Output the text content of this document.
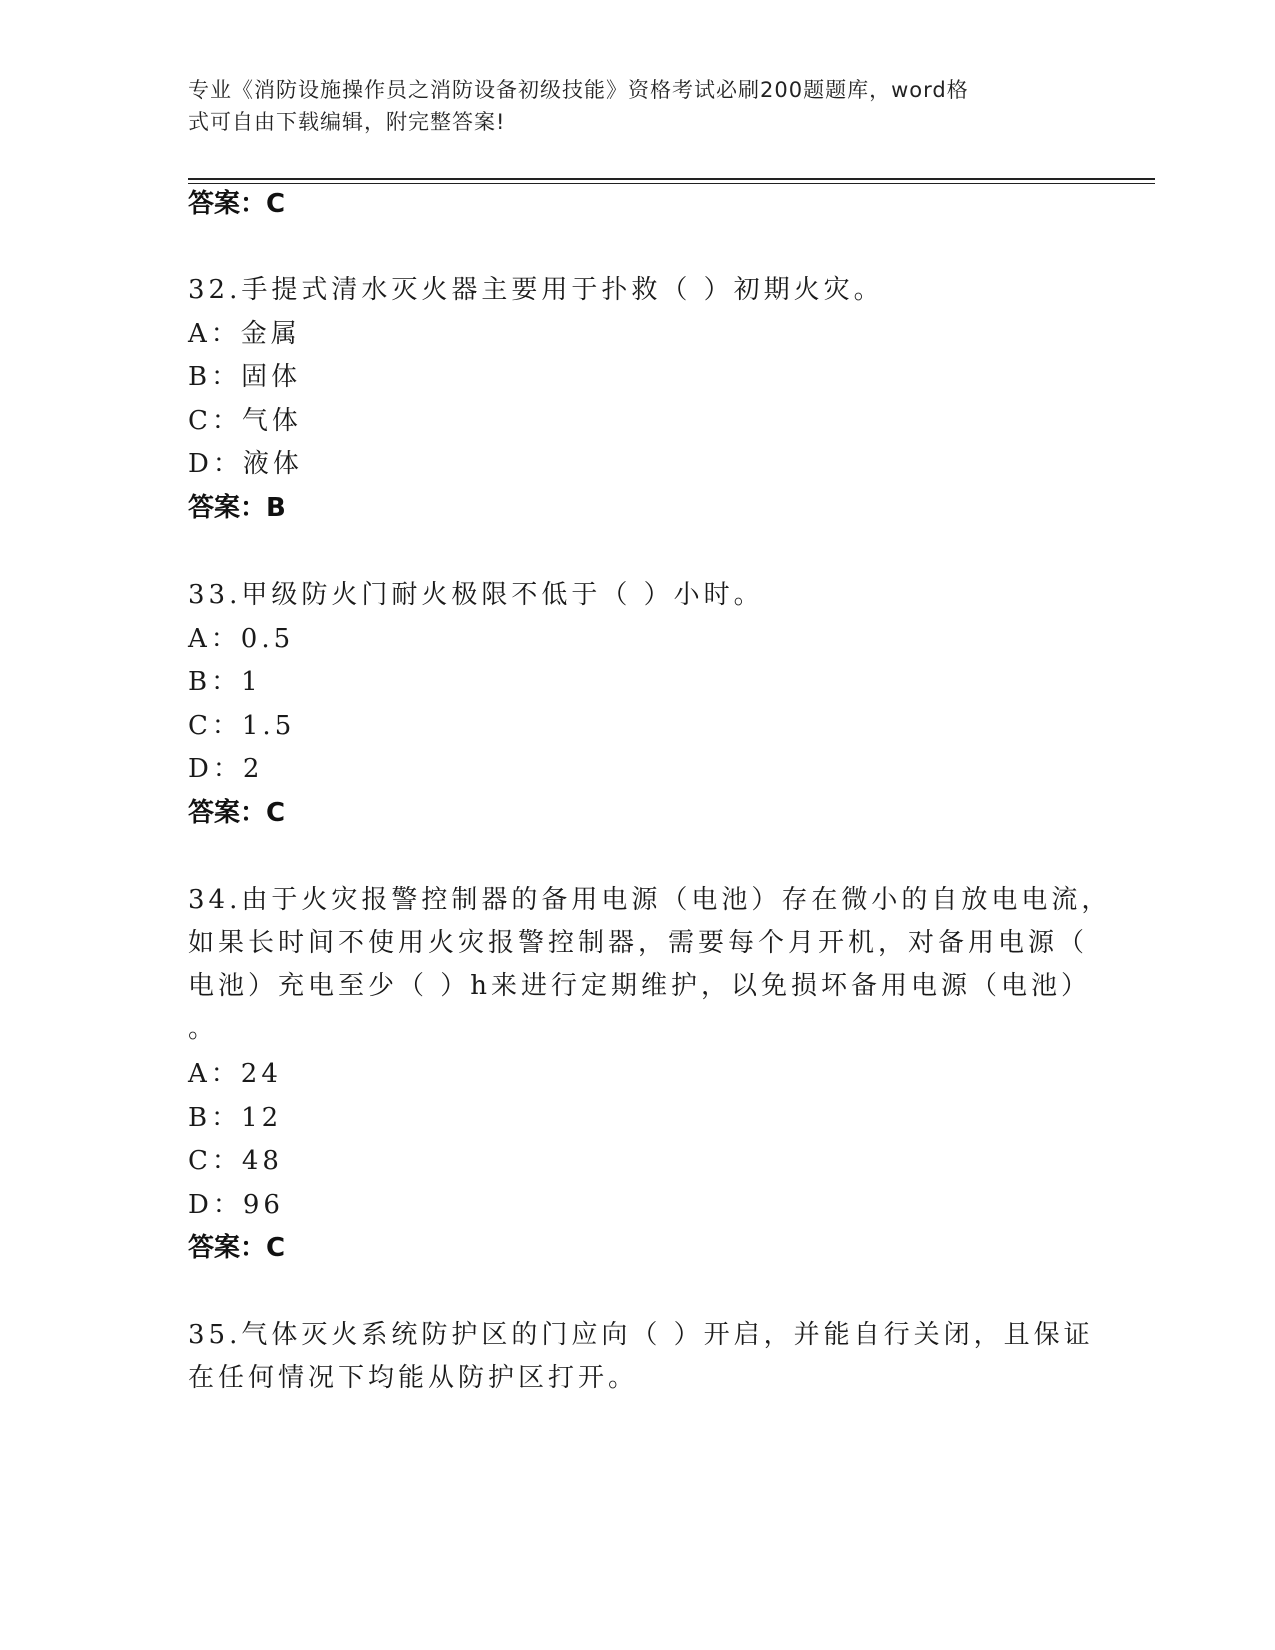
专业《消防设施操作员之消防设备初级技能》资格考试必刷200题题库，word格
式可自由下载编辑，附完整答案!
答案：C
32.手提式清水灭火器主要用于扑救（ ）初期火灾。
A：金属
B：固体
C：气体
D：液体
答案：B
33.甲级防火门耐火极限不低于（ ）小时。
A：0.5
B：1
C：1.5
D：2
答案：C
34.由于火灾报警控制器的备用电源（电池）存在微小的自放电电流，
如果长时间不使用火灾报警控制器，需要每个月开机，对备用电源（
电池）充电至少（ ）h来进行定期维护，以免损坏备用电源（电池）
。
A：24
B：12
C：48
D：96
答案：C
35.气体灭火系统防护区的门应向（ ）开启，并能自行关闭，且保证
在任何情况下均能从防护区打开。
